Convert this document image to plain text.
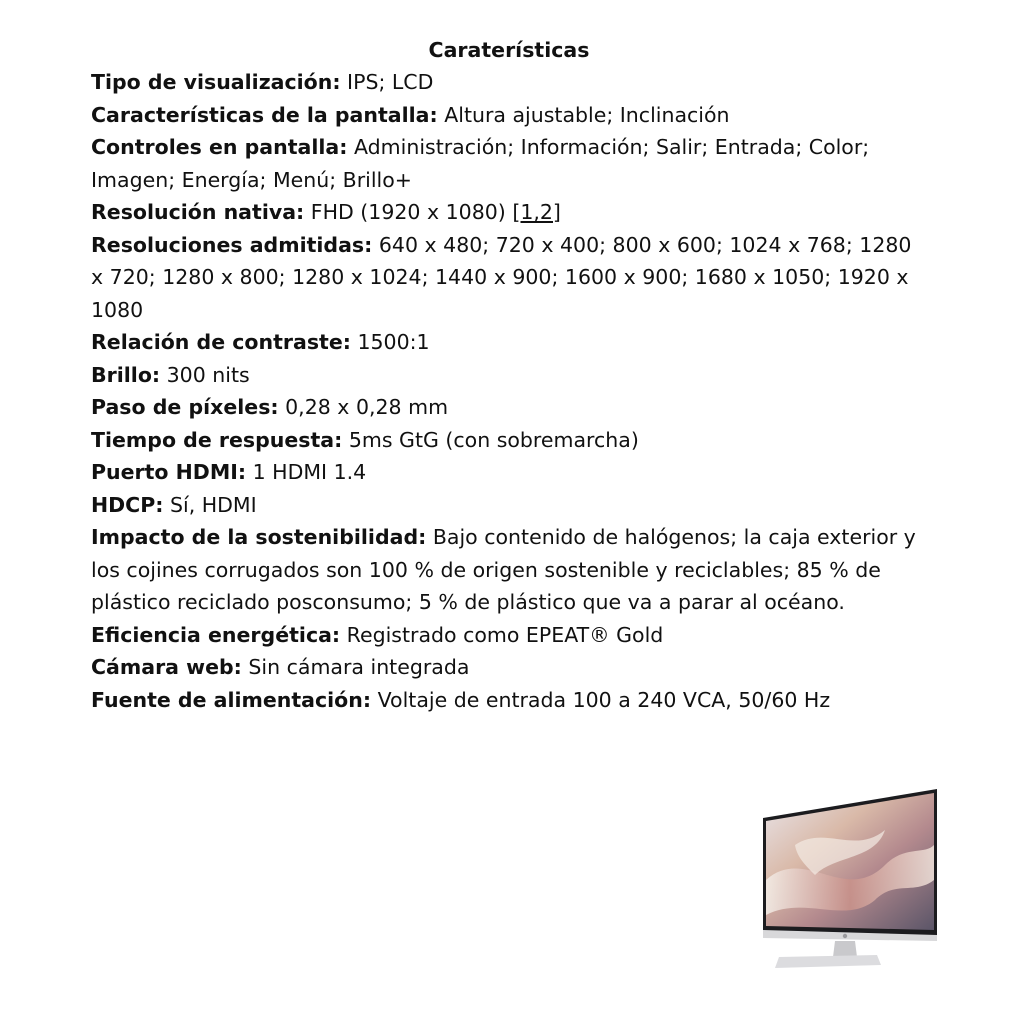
Caraterísticas

Tipo de visualización: IPS; LCD

Características de la pantalla: Altura ajustable; Inclinación

Controles en pantalla: Administración; Información; Salir; Entrada; Color; Imagen; Energía; Menú; Brillo+

Resolución nativa: FHD (1920 x 1080) [1,2]

Resoluciones admitidas: 640 x 480; 720 x 400; 800 x 600; 1024 x 768; 1280 x 720; 1280 x 800; 1280 x 1024; 1440 x 900; 1600 x 900; 1680 x 1050; 1920 x 1080

Relación de contraste: 1500:1

Brillo: 300 nits

Paso de píxeles: 0,28 x 0,28 mm

Tiempo de respuesta: 5ms GtG (con sobremarcha)

Puerto HDMI: 1 HDMI 1.4

HDCP: Sí, HDMI

Impacto de la sostenibilidad: Bajo contenido de halógenos; la caja exterior y los cojines corrugados son 100 % de origen sostenible y reciclables; 85 % de plástico reciclado posconsumo; 5 % de plástico que va a parar al océano.

Eficiencia energética: Registrado como EPEAT® Gold

Cámara web: Sin cámara integrada

Fuente de alimentación: Voltaje de entrada 100 a 240 VCA, 50/60 Hz
